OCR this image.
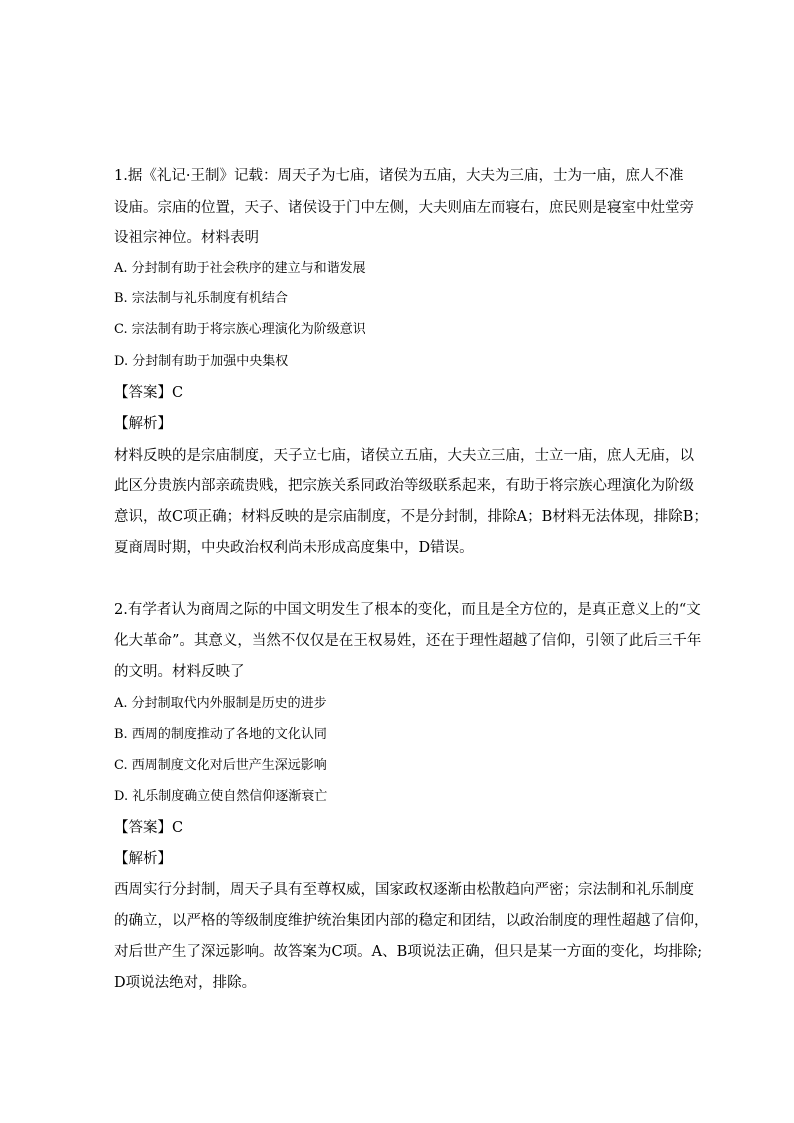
1.据《礼记·王制》记载：周天子为七庙，诸侯为五庙，大夫为三庙，士为一庙，庶人不准
设庙。宗庙的位置，天子、诸侯设于门中左侧，大夫则庙左而寝右，庶民则是寝室中灶堂旁
设祖宗神位。材料表明
A. 分封制有助于社会秩序的建立与和谐发展
B. 宗法制与礼乐制度有机结合
C. 宗法制有助于将宗族心理演化为阶级意识
D. 分封制有助于加强中央集权
【答案】C
【解析】
材料反映的是宗庙制度，天子立七庙，诸侯立五庙，大夫立三庙，士立一庙，庶人无庙，以
此区分贵族内部亲疏贵贱，把宗族关系同政治等级联系起来，有助于将宗族心理演化为阶级
意识，故C项正确；材料反映的是宗庙制度，不是分封制，排除A；B材料无法体现，排除B；
夏商周时期，中央政治权利尚未形成高度集中，D错误。
2.有学者认为商周之际的中国文明发生了根本的变化，而且是全方位的，是真正意义上的“文
化大革命”。其意义，当然不仅仅是在王权易姓，还在于理性超越了信仰，引领了此后三千年
的文明。材料反映了
A. 分封制取代内外服制是历史的进步
B. 西周的制度推动了各地的文化认同
C. 西周制度文化对后世产生深远影响
D. 礼乐制度确立使自然信仰逐渐衰亡
【答案】C
【解析】
西周实行分封制，周天子具有至尊权威，国家政权逐渐由松散趋向严密；宗法制和礼乐制度
的确立，以严格的等级制度维护统治集团内部的稳定和团结，以政治制度的理性超越了信仰，
对后世产生了深远影响。故答案为C项。A、B项说法正确，但只是某一方面的变化，均排除;
D项说法绝对，排除。
